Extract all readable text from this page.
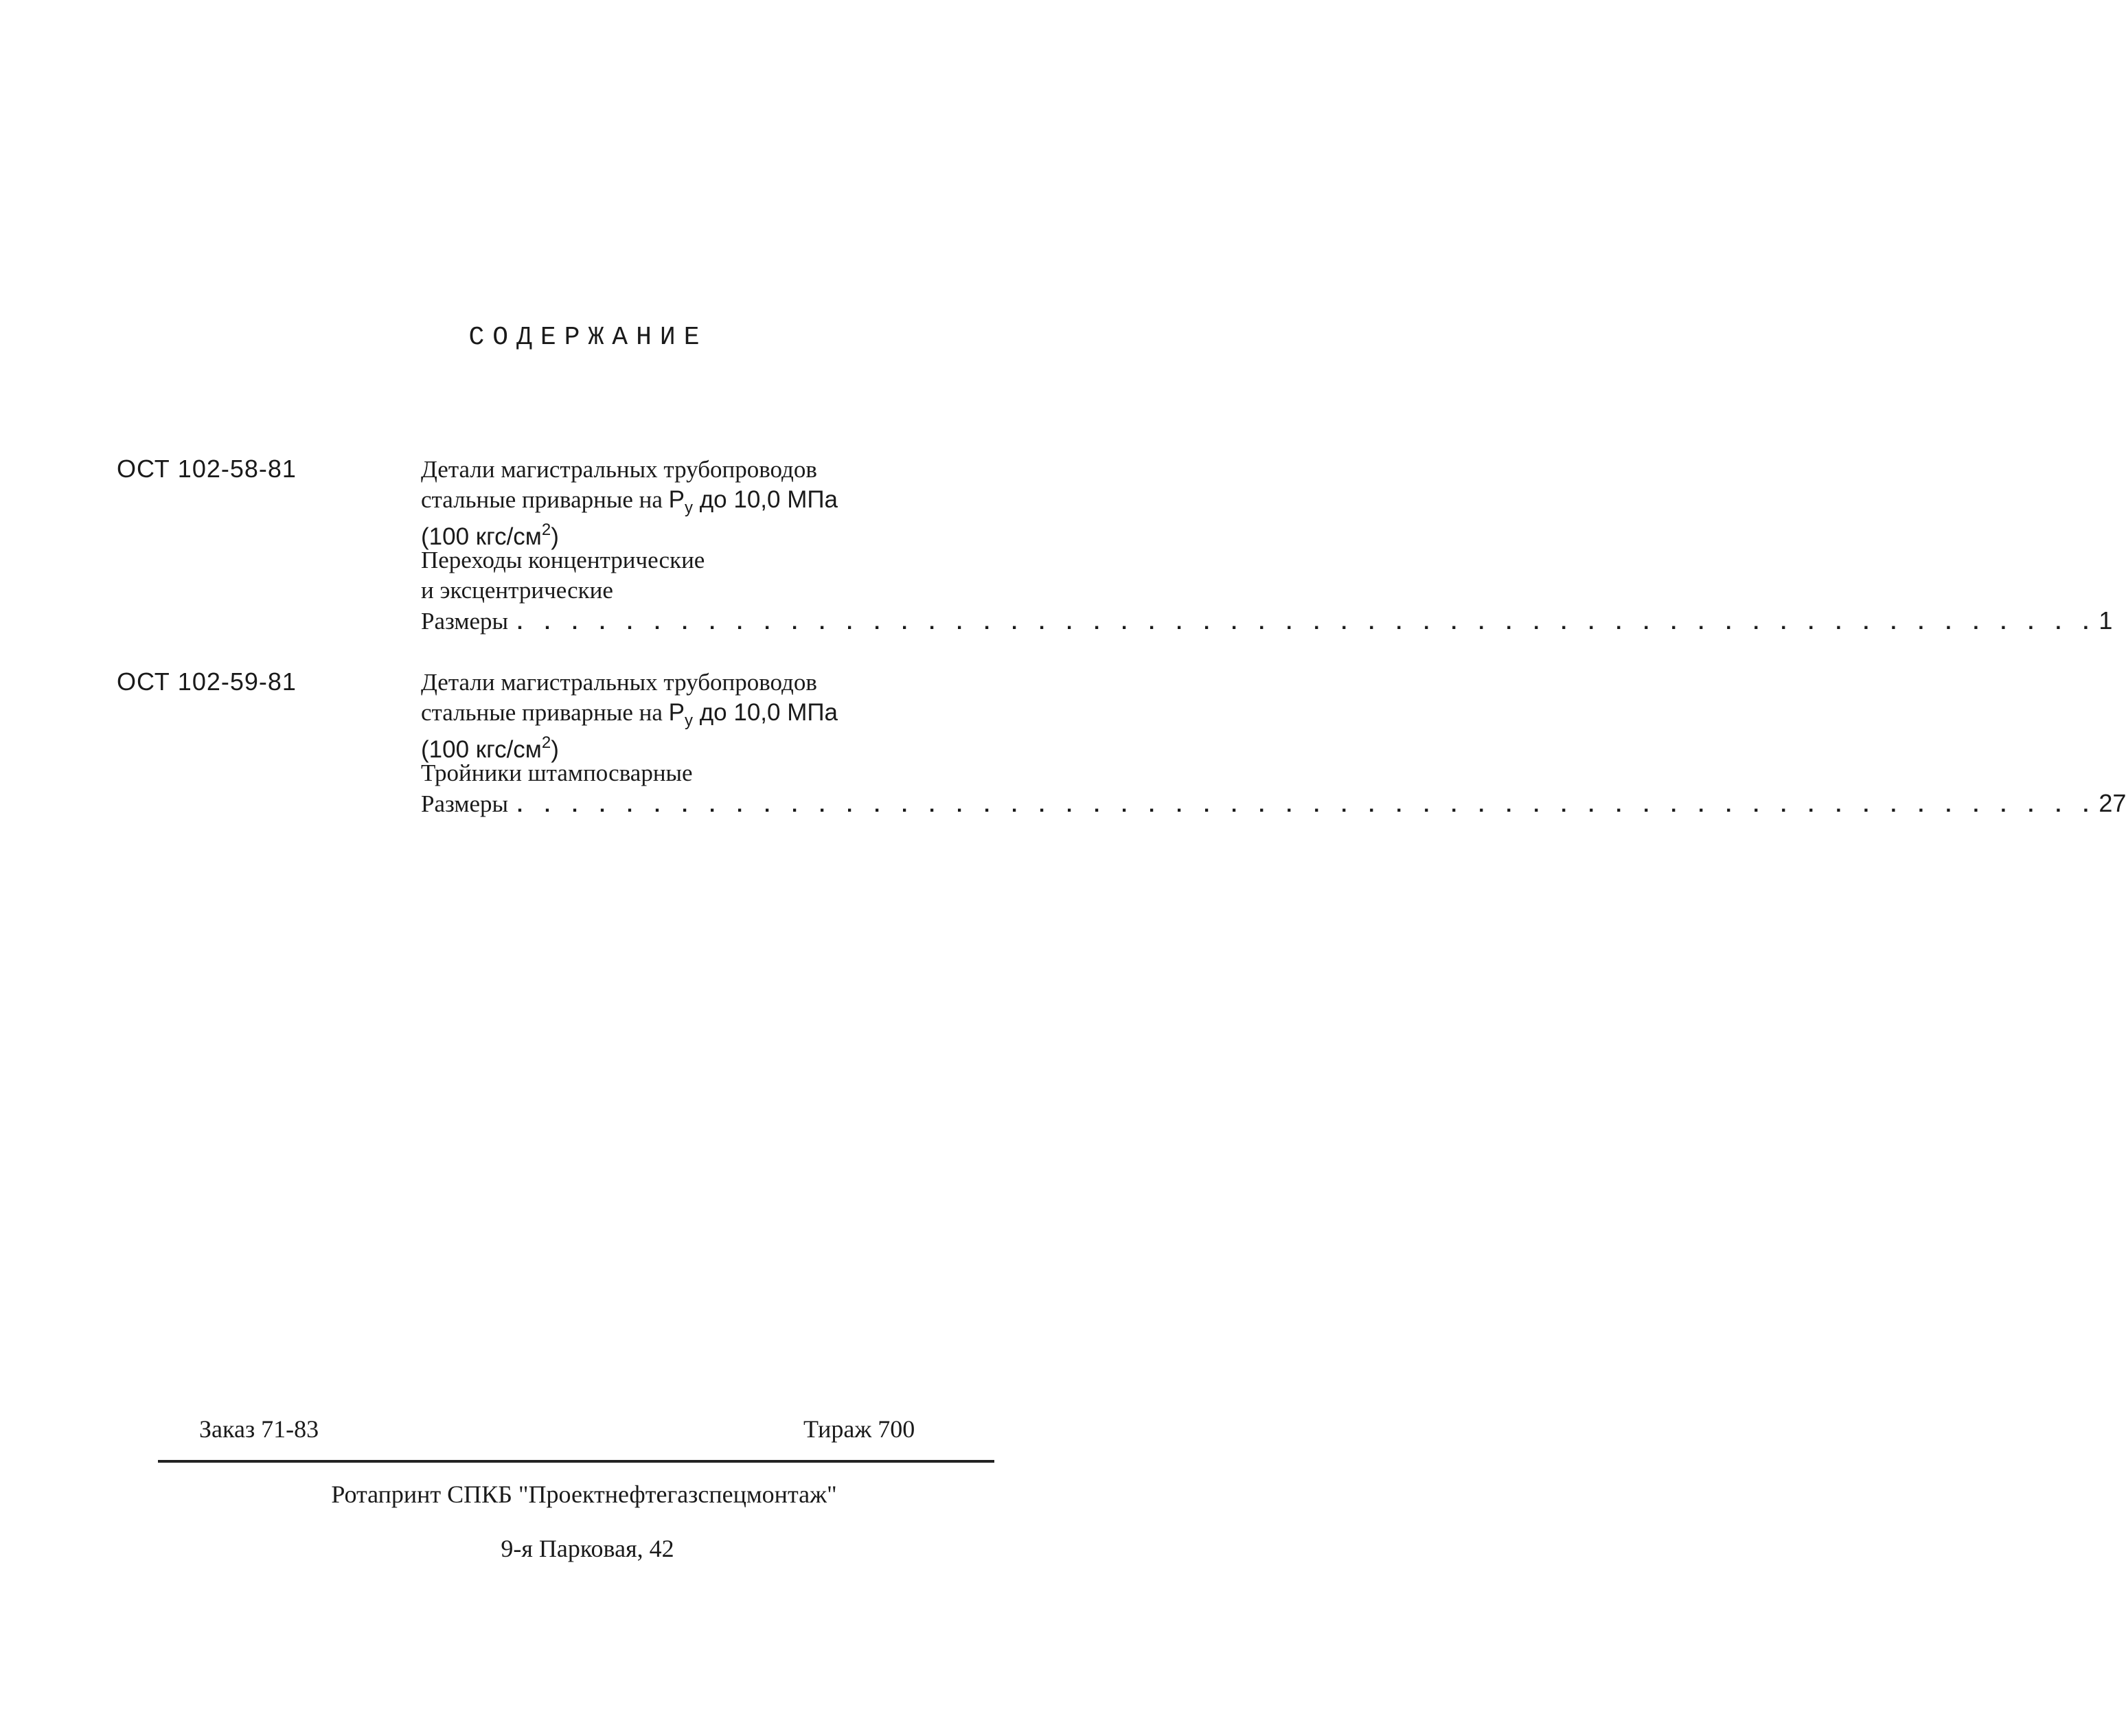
СОДЕРЖАНИЕ
ОСТ 102-58-81	Детали магистральных трубопроводов
стальные приварные на $P_у$ до 10,0 МПа
(100 кгс/$см^2$)
Переходы концентрические
и эксцентрические
Размеры . . . . . . . . . . . . . . . . . . . . . . . . . . . . . . . . . . . . . . . . . . . . . . . . . . . . . . . . . . 1
ОСТ 102-59-81	Детали магистральных трубопроводов
стальные приварные на $P_у$ до 10,0 МПа
(100 кгс/$см^2$)
Тройники штампосварные
Размеры . . . . . . . . . . . . . . . . . . . . . . . . . . . . . . . . . . . . . . . . . . . . . . . . . . . . . . . . . . 27
Заказ 71-83	Тираж 700
Ротапринт СПКБ "Проектнефтегазспецмонтаж"
9-я Парковая, 42
